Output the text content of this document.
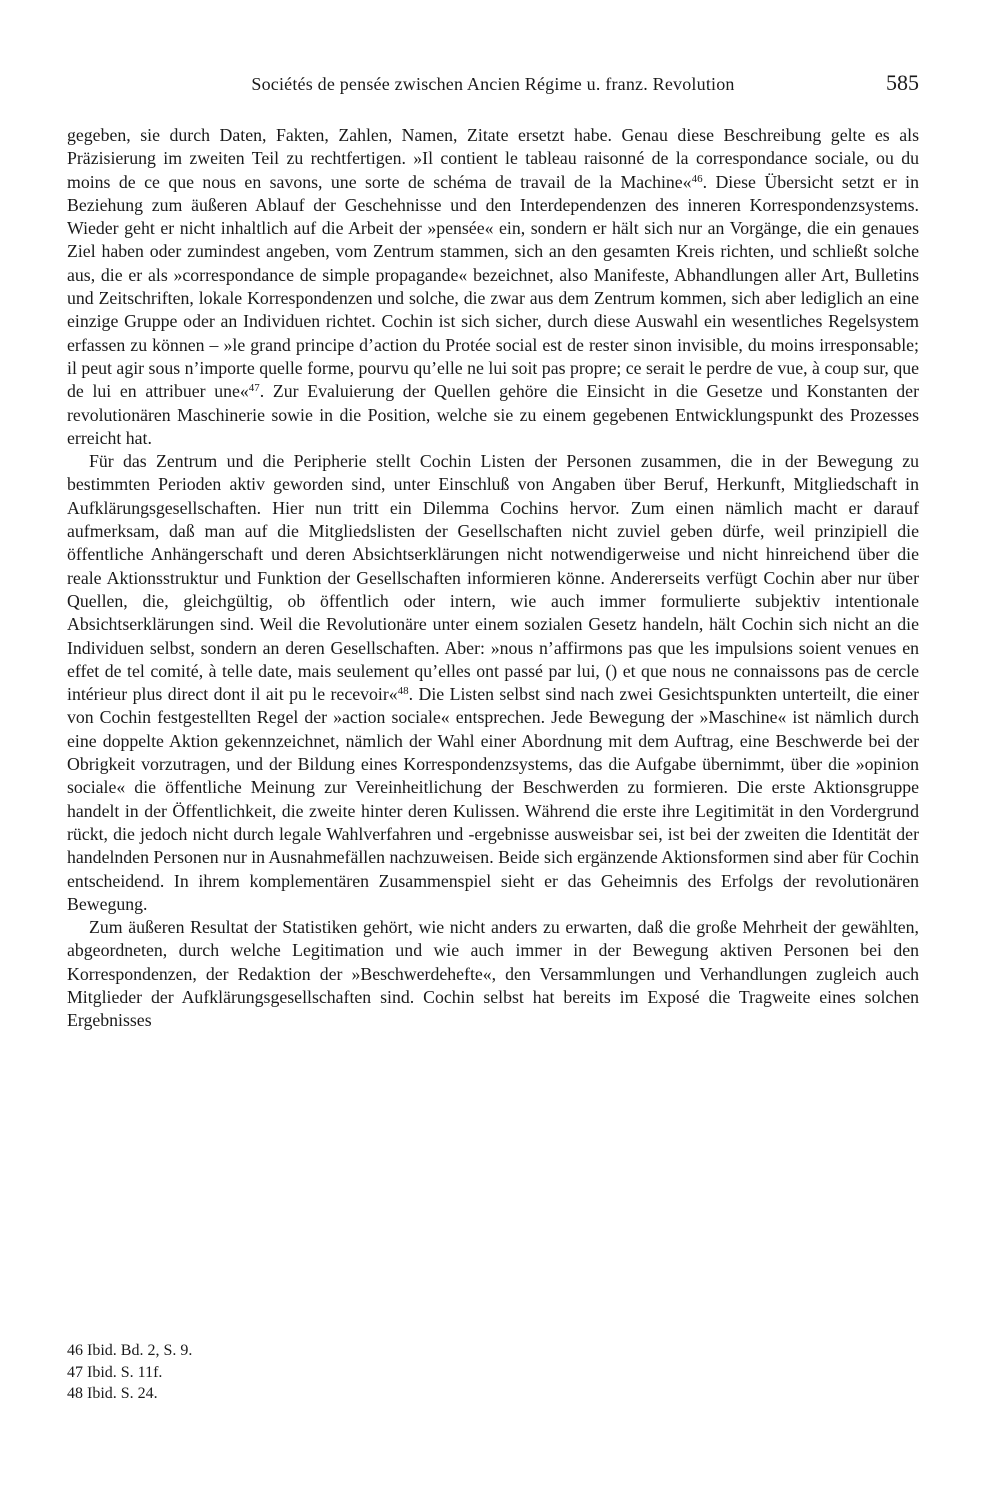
Sociétés de pensée zwischen Ancien Régime u. franz. Revolution	585

gegeben, sie durch Daten, Fakten, Zahlen, Namen, Zitate ersetzt habe. Genau diese Beschreibung gelte es als Präzisierung im zweiten Teil zu rechtfertigen. »Il contient le tableau raisonné de la correspondance sociale, ou du moins de ce que nous en savons, une sorte de schéma de travail de la Machine«$^{46}$. Diese Übersicht setzt er in Beziehung zum äußeren Ablauf der Geschehnisse und den Interdependenzen des inneren Korrespondenzsystems. Wieder geht er nicht inhaltlich auf die Arbeit der »pensée« ein, sondern er hält sich nur an Vorgänge, die ein genaues Ziel haben oder zumindest angeben, vom Zentrum stammen, sich an den gesamten Kreis richten, und schließt solche aus, die er als »correspondance de simple propagande« bezeichnet, also Manifeste, Abhandlungen aller Art, Bulletins und Zeitschriften, lokale Korrespondenzen und solche, die zwar aus dem Zentrum kommen, sich aber lediglich an eine einzige Gruppe oder an Individuen richtet. Cochin ist sich sicher, durch diese Auswahl ein wesentliches Regelsystem erfassen zu können – »le grand principe d’action du Protée social est de rester sinon invisible, du moins irresponsable; il peut agir sous n’importe quelle forme, pourvu qu’elle ne lui soit pas propre; ce serait le perdre de vue, à coup sur, que de lui en attribuer une«$^{47}$. Zur Evaluierung der Quellen gehöre die Einsicht in die Gesetze und Konstanten der revolutionären Maschinerie sowie in die Position, welche sie zu einem gegebenen Entwicklungspunkt des Prozesses erreicht hat.

Für das Zentrum und die Peripherie stellt Cochin Listen der Personen zusammen, die in der Bewegung zu bestimmten Perioden aktiv geworden sind, unter Einschluß von Angaben über Beruf, Herkunft, Mitgliedschaft in Aufklärungsgesellschaften. Hier nun tritt ein Dilemma Cochins hervor. Zum einen nämlich macht er darauf aufmerksam, daß man auf die Mitgliedslisten der Gesellschaften nicht zuviel geben dürfe, weil prinzipiell die öffentliche Anhängerschaft und deren Absichtserklärungen nicht notwendigerweise und nicht hinreichend über die reale Aktionsstruktur und Funktion der Gesellschaften informieren könne. Andererseits verfügt Cochin aber nur über Quellen, die, gleichgültig, ob öffentlich oder intern, wie auch immer formulierte subjektiv intentionale Absichtserklärungen sind. Weil die Revolutionäre unter einem sozialen Gesetz handeln, hält Cochin sich nicht an die Individuen selbst, sondern an deren Gesellschaften. Aber: »nous n’affirmons pas que les impulsions soient venues en effet de tel comité, à telle date, mais seulement qu’elles ont passé par lui, () et que nous ne connaissons pas de cercle intérieur plus direct dont il ait pu le recevoir«$^{48}$. Die Listen selbst sind nach zwei Gesichtspunkten unterteilt, die einer von Cochin festgestellten Regel der »action sociale« entsprechen. Jede Bewegung der »Maschine« ist nämlich durch eine doppelte Aktion gekennzeichnet, nämlich der Wahl einer Abordnung mit dem Auftrag, eine Beschwerde bei der Obrigkeit vorzutragen, und der Bildung eines Korrespondenzsystems, das die Aufgabe übernimmt, über die »opinion sociale« die öffentliche Meinung zur Vereinheitlichung der Beschwerden zu formieren. Die erste Aktionsgruppe handelt in der Öffentlichkeit, die zweite hinter deren Kulissen. Während die erste ihre Legitimität in den Vordergrund rückt, die jedoch nicht durch legale Wahlverfahren und -ergebnisse ausweisbar sei, ist bei der zweiten die Identität der handelnden Personen nur in Ausnahmefällen nachzuweisen. Beide sich ergänzende Aktionsformen sind aber für Cochin entscheidend. In ihrem komplementären Zusammenspiel sieht er das Geheimnis des Erfolgs der revolutionären Bewegung.

Zum äußeren Resultat der Statistiken gehört, wie nicht anders zu erwarten, daß die große Mehrheit der gewählten, abgeordneten, durch welche Legitimation und wie auch immer in der Bewegung aktiven Personen bei den Korrespondenzen, der Redaktion der »Beschwerdehefte«, den Versammlungen und Verhandlungen zugleich auch Mitglieder der Aufklärungsgesellschaften sind. Cochin selbst hat bereits im Exposé die Tragweite eines solchen Ergebnisses

46 Ibid. Bd. 2, S. 9.

47 Ibid. S. 11f.

48 Ibid. S. 24.
